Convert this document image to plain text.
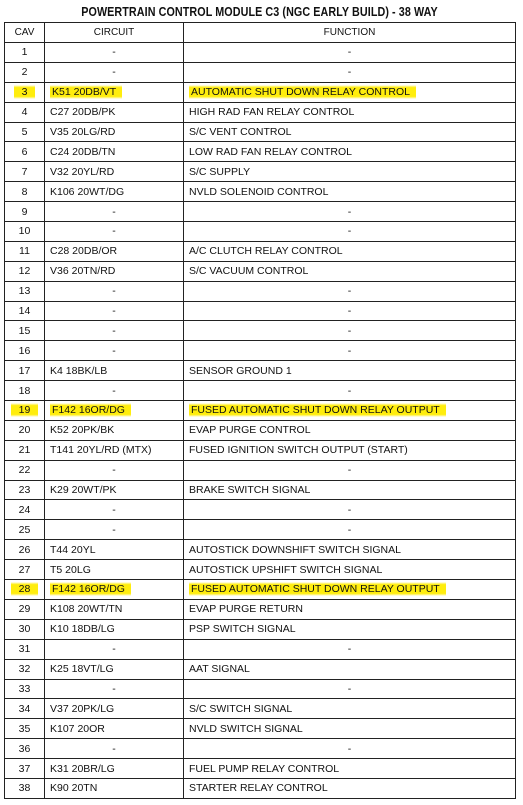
POWERTRAIN CONTROL MODULE C3 (NGC EARLY BUILD) - 38 WAY
CAV	CIRCUIT	FUNCTION
1	-	-
2	-	-
3	K51 20DB/VT	AUTOMATIC SHUT DOWN RELAY CONTROL
4	C27 20DB/PK	HIGH RAD FAN RELAY CONTROL
5	V35 20LG/RD	S/C VENT CONTROL
6	C24 20DB/TN	LOW RAD FAN RELAY CONTROL
7	V32 20YL/RD	S/C SUPPLY
8	K106 20WT/DG	NVLD SOLENOID CONTROL
9	-	-
10	-	-
11	C28 20DB/OR	A/C CLUTCH RELAY CONTROL
12	V36 20TN/RD	S/C VACUUM CONTROL
13	-	-
14	-	-
15	-	-
16	-	-
17	K4 18BK/LB	SENSOR GROUND 1
18	-	-
19	F142 16OR/DG	FUSED AUTOMATIC SHUT DOWN RELAY OUTPUT
20	K52 20PK/BK	EVAP PURGE CONTROL
21	T141 20YL/RD (MTX)	FUSED IGNITION SWITCH OUTPUT (START)
22	-	-
23	K29 20WT/PK	BRAKE SWITCH SIGNAL
24	-	-
25	-	-
26	T44 20YL	AUTOSTICK DOWNSHIFT SWITCH SIGNAL
27	T5 20LG	AUTOSTICK UPSHIFT SWITCH SIGNAL
28	F142 16OR/DG	FUSED AUTOMATIC SHUT DOWN RELAY OUTPUT
29	K108 20WT/TN	EVAP PURGE RETURN
30	K10 18DB/LG	PSP SWITCH SIGNAL
31	-	-
32	K25 18VT/LG	AAT SIGNAL
33	-	-
34	V37 20PK/LG	S/C SWITCH SIGNAL
35	K107 20OR	NVLD SWITCH SIGNAL
36	-	-
37	K31 20BR/LG	FUEL PUMP RELAY CONTROL
38	K90 20TN	STARTER RELAY CONTROL
